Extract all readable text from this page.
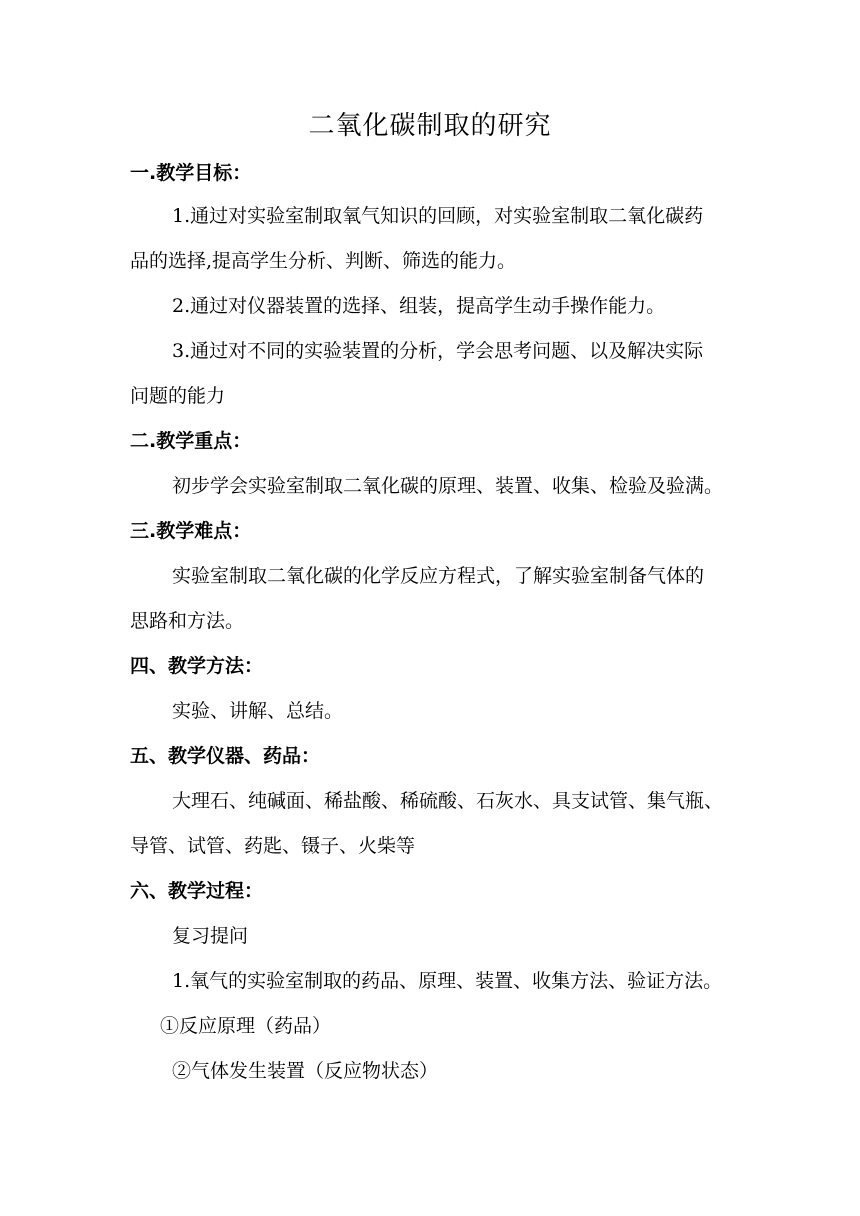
二氧化碳制取的研究
一.教学目标：
1.通过对实验室制取氧气知识的回顾，对实验室制取二氧化碳药
品的选择,提高学生分析、判断、筛选的能力。
2.通过对仪器装置的选择、组装，提高学生动手操作能力。
3.通过对不同的实验装置的分析，学会思考问题、以及解决实际
问题的能力
二.教学重点：
初步学会实验室制取二氧化碳的原理、装置、收集、检验及验满。
三.教学难点：
实验室制取二氧化碳的化学反应方程式，了解实验室制备气体的
思路和方法。
四、教学方法：
实验、讲解、总结。
五、教学仪器、药品：
大理石、纯碱面、稀盐酸、稀硫酸、石灰水、具支试管、集气瓶、
导管、试管、药匙、镊子、火柴等
六、教学过程：
复习提问
1.氧气的实验室制取的药品、原理、装置、收集方法、验证方法。
①反应原理（药品）
②气体发生装置（反应物状态）
